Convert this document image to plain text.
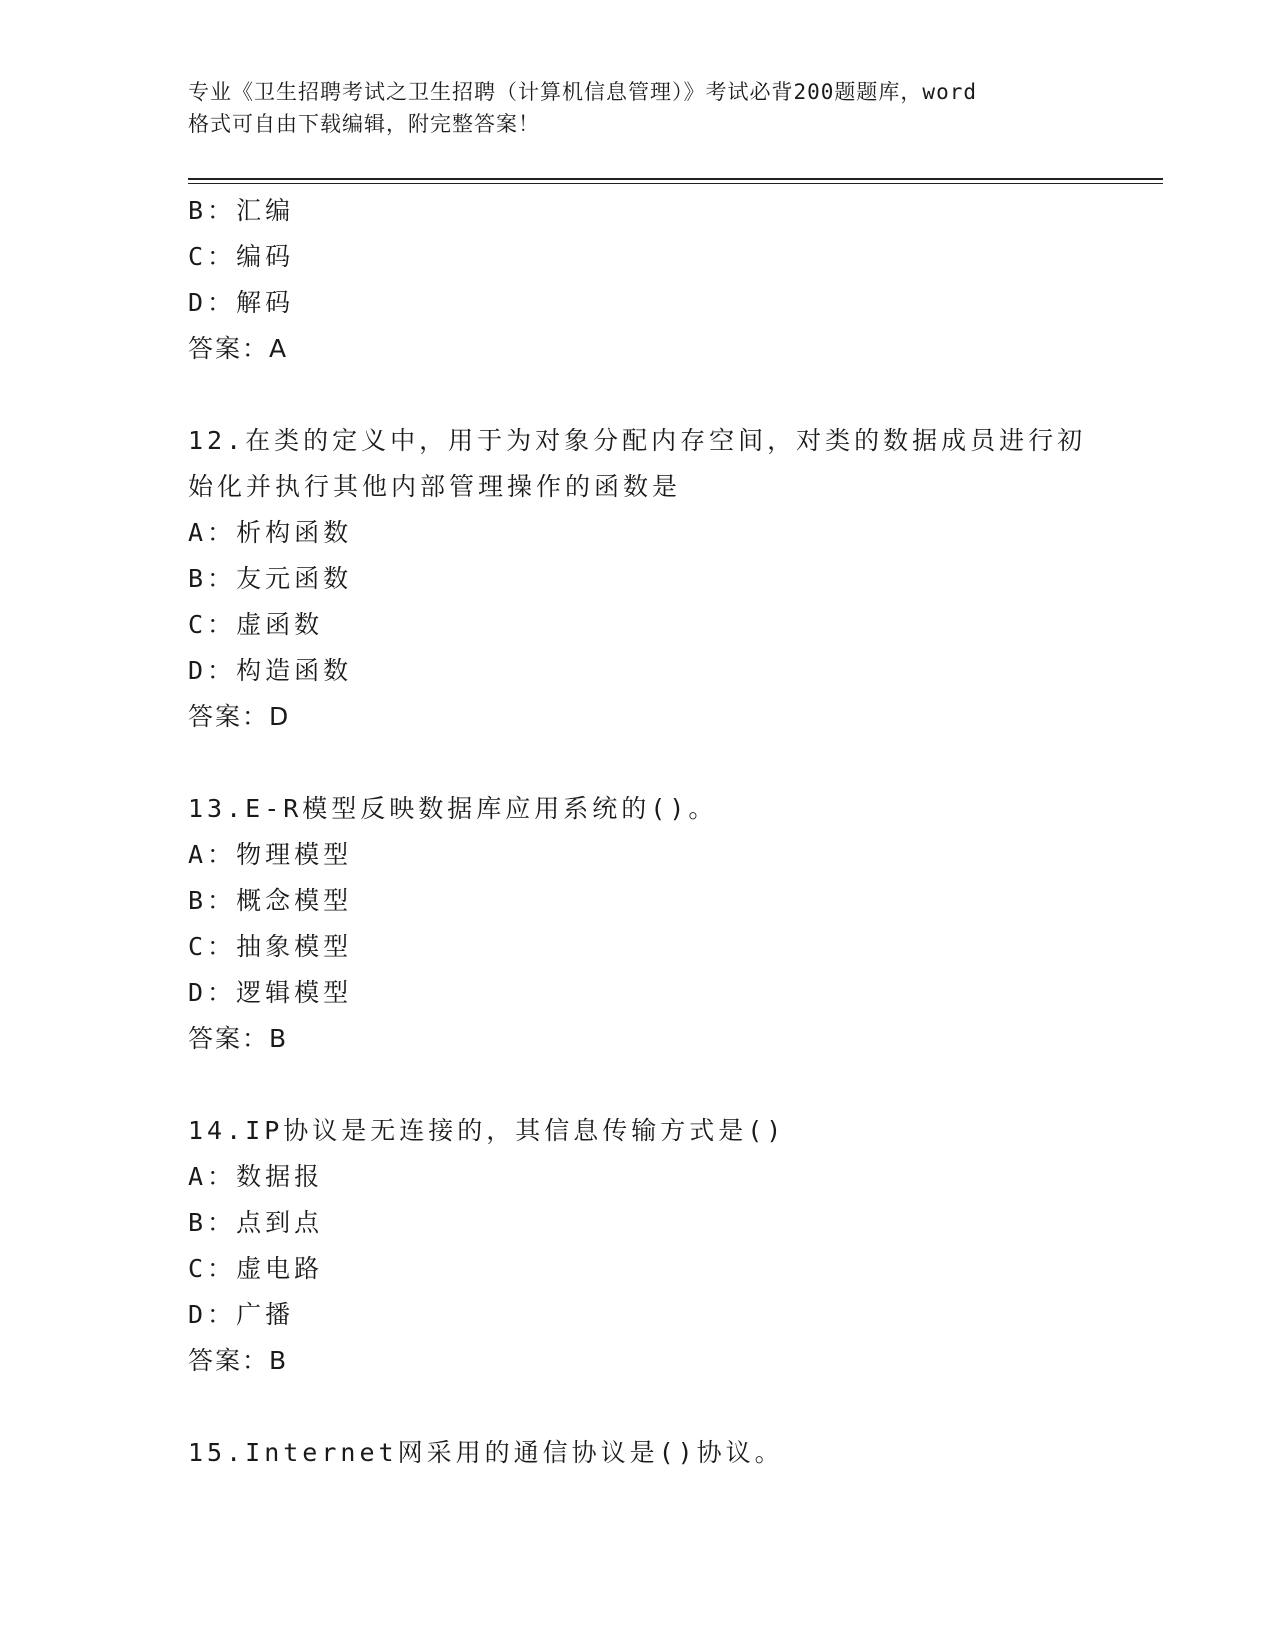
专业《卫生招聘考试之卫生招聘（计算机信息管理）》考试必背200题题库，word
格式可自由下载编辑，附完整答案！
B：汇编
C：编码
D：解码
答案：A
12.在类的定义中，用于为对象分配内存空间，对类的数据成员进行初
始化并执行其他内部管理操作的函数是
A：析构函数
B：友元函数
C：虚函数
D：构造函数
答案：D
13.E-R模型反映数据库应用系统的()。
A：物理模型
B：概念模型
C：抽象模型
D：逻辑模型
答案：B
14.IP协议是无连接的，其信息传输方式是()
A：数据报
B：点到点
C：虚电路
D：广播
答案：B
15.Internet网采用的通信协议是()协议。
